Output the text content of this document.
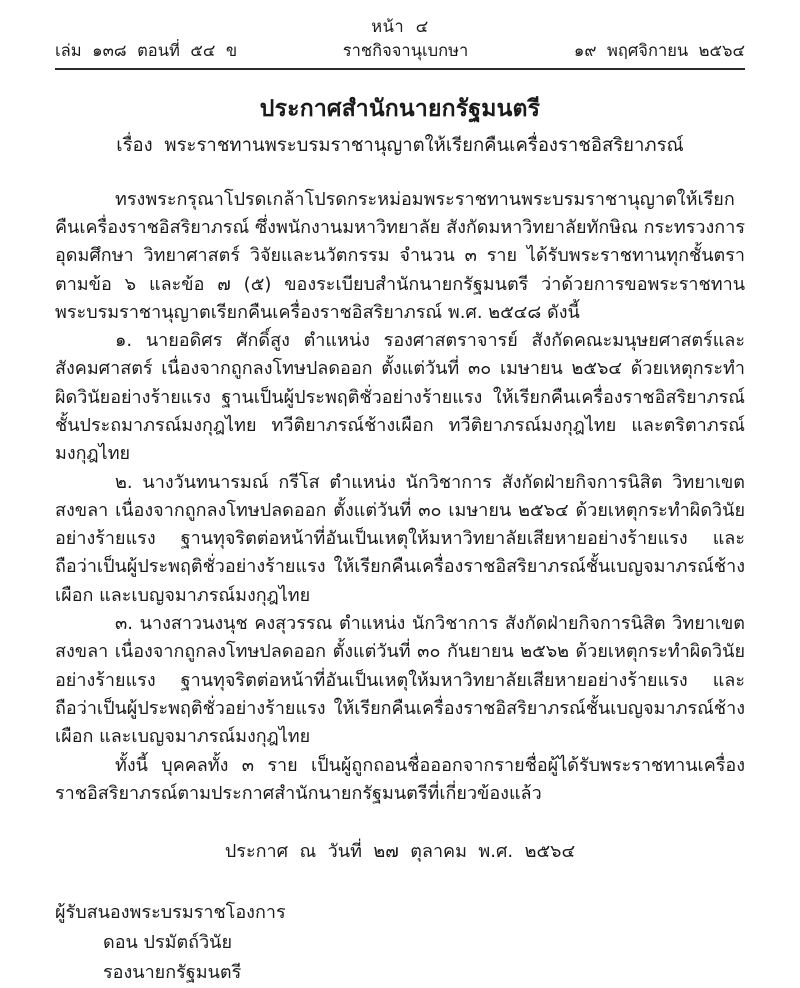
หน้า ๔
เล่ม  ๑๓๘  ตอนที่  ๕๔  ข	ราชกิจจานุเบกษา	๑๙  พฤศจิกายน  ๒๕๖๔
ประกาศสำนักนายกรัฐมนตรี
เรื่อง  พระราชทานพระบรมราชานุญาตให้เรียกคืนเครื่องราชอิสริยาภรณ์

ทรงพระกรุณาโปรดเกล้าโปรดกระหม่อมพระราชทานพระบรมราชานุญาตให้เรียกคืนเครื่องราชอิสริยาภรณ์ ซึ่งพนักงานมหาวิทยาลัย สังกัดมหาวิทยาลัยทักษิณ กระทรวงการอุดมศึกษา วิทยาศาสตร์ วิจัยและนวัตกรรม จำนวน ๓ ราย ได้รับพระราชทานทุกชั้นตรา ตามข้อ ๖ และข้อ ๗ (๕) ของระเบียบสำนักนายกรัฐมนตรี ว่าด้วยการขอพระราชทานพระบรมราชานุญาตเรียกคืนเครื่องราชอิสริยาภรณ์ พ.ศ. ๒๕๔๘ ดังนี้

๑. นายอดิศร ศักดิ์สูง ตำแหน่ง รองศาสตราจารย์ สังกัดคณะมนุษยศาสตร์และสังคมศาสตร์ เนื่องจากถูกลงโทษปลดออก ตั้งแต่วันที่ ๓๐ เมษายน ๒๕๖๔ ด้วยเหตุกระทำผิดวินัยอย่างร้ายแรง ฐานเป็นผู้ประพฤติชั่วอย่างร้ายแรง ให้เรียกคืนเครื่องราชอิสริยาภรณ์ชั้นประถมาภรณ์มงกุฎไทย ทวีติยาภรณ์ช้างเผือก ทวีติยาภรณ์มงกุฎไทย และตริตาภรณ์มงกุฎไทย

๒. นางวันทนารมณ์ กรีโส ตำแหน่ง นักวิชาการ สังกัดฝ่ายกิจการนิสิต วิทยาเขตสงขลา เนื่องจากถูกลงโทษปลดออก ตั้งแต่วันที่ ๓๐ เมษายน ๒๕๖๔ ด้วยเหตุกระทำผิดวินัยอย่างร้ายแรง ฐานทุจริตต่อหน้าที่อันเป็นเหตุให้มหาวิทยาลัยเสียหายอย่างร้ายแรง และถือว่าเป็นผู้ประพฤติชั่วอย่างร้ายแรง ให้เรียกคืนเครื่องราชอิสริยาภรณ์ชั้นเบญจมาภรณ์ช้างเผือก และเบญจมาภรณ์มงกุฎไทย

๓. นางสาวนงนุช คงสุวรรณ ตำแหน่ง นักวิชาการ สังกัดฝ่ายกิจการนิสิต วิทยาเขตสงขลา เนื่องจากถูกลงโทษปลดออก ตั้งแต่วันที่ ๓๐ กันยายน ๒๕๖๒ ด้วยเหตุกระทำผิดวินัยอย่างร้ายแรง ฐานทุจริตต่อหน้าที่อันเป็นเหตุให้มหาวิทยาลัยเสียหายอย่างร้ายแรง และถือว่าเป็นผู้ประพฤติชั่วอย่างร้ายแรง ให้เรียกคืนเครื่องราชอิสริยาภรณ์ชั้นเบญจมาภรณ์ช้างเผือก และเบญจมาภรณ์มงกุฎไทย

ทั้งนี้ บุคคลทั้ง ๓ ราย เป็นผู้ถูกถอนชื่อออกจากรายชื่อผู้ได้รับพระราชทานเครื่องราชอิสริยาภรณ์ตามประกาศสำนักนายกรัฐมนตรีที่เกี่ยวข้องแล้ว

ประกาศ  ณ  วันที่  ๒๗  ตุลาคม  พ.ศ.  ๒๕๖๔
ผู้รับสนองพระบรมราชโองการ
ดอน ปรมัตถ์วินัย
รองนายกรัฐมนตรี
